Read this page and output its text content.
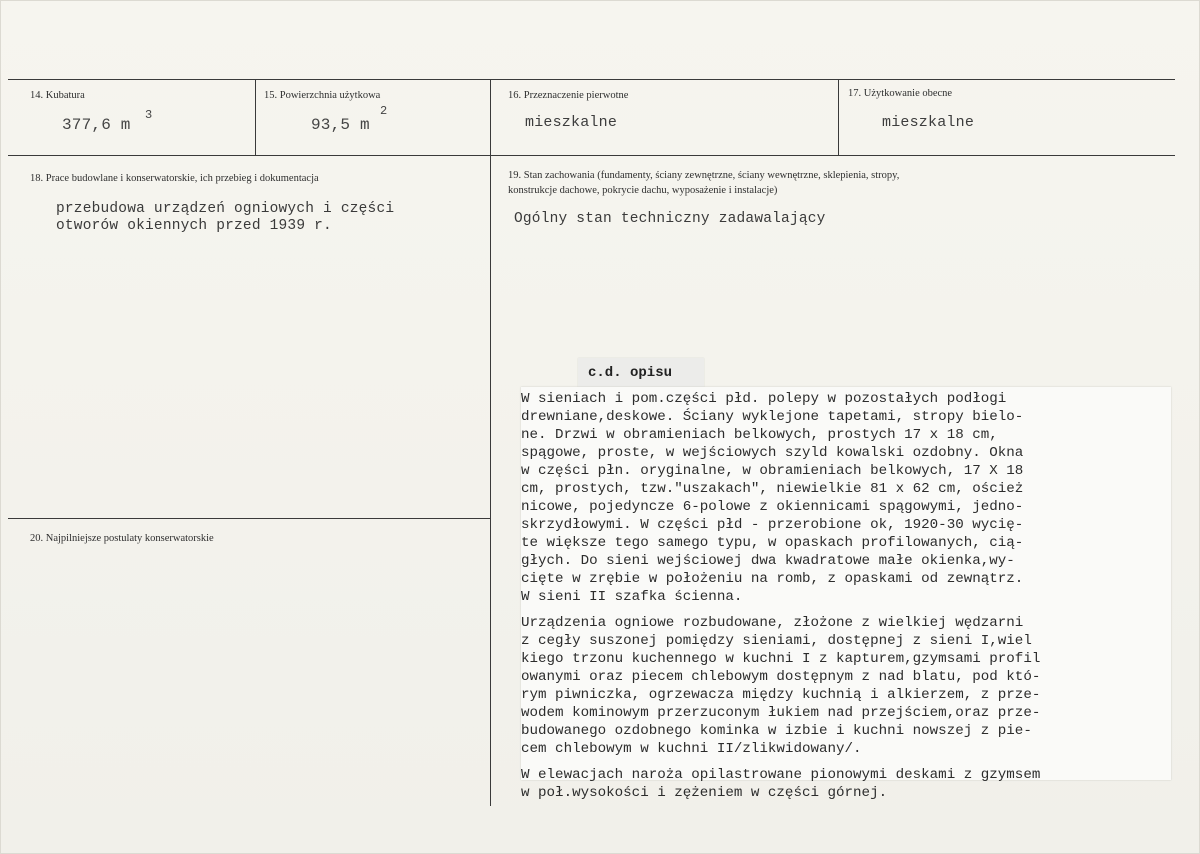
14. Kubatura
377,6 m
3
15. Powierzchnia użytkowa
93,5 m
2
16. Przeznaczenie pierwotne
mieszkalne
17. Użytkowanie obecne
mieszkalne
18. Prace budowlane i konserwatorskie, ich przebieg i dokumentacja
przebudowa urządzeń ogniowych i części
otworów okiennych przed 1939 r.
19. Stan zachowania (fundamenty, ściany zewnętrzne, ściany wewnętrzne, sklepienia, stropy,
konstrukcje dachowe, pokrycie dachu, wyposażenie i instalacje)
Ogólny stan techniczny zadawalający
20. Najpilniejsze postulaty konserwatorskie
c.d. opisu
W sieniach i pom.części płd. polepy w pozostałych podłogi
drewniane,deskowe. Ściany wyklejone tapetami, stropy bielo-
ne. Drzwi w obramieniach belkowych, prostych 17 x 18 cm,
spągowe, proste, w wejściowych szyld kowalski ozdobny. Okna
w części płn. oryginalne, w obramieniach belkowych, 17 X 18
cm, prostych, tzw."uszakach", niewielkie 81 x 62 cm, oścież
nicowe, pojedyncze 6-polowe z okiennicami spągowymi, jedno-
skrzydłowymi. W części płd - przerobione ok, 1920-30 wycię-
te większe tego samego typu, w opaskach profilowanych, cią-
głych. Do sieni wejściowej dwa kwadratowe małe okienka,wy-
cięte w zrębie w położeniu na romb, z opaskami od zewnątrz.
W sieni II szafka ścienna.
Urządzenia ogniowe rozbudowane, złożone z wielkiej wędzarni
z cegły suszonej pomiędzy sieniami, dostępnej z sieni I,wiel
kiego trzonu kuchennego w kuchni I z kapturem,gzymsami profil
owanymi oraz piecem chlebowym dostępnym z nad blatu, pod któ-
rym piwniczka, ogrzewacza między kuchnią i alkierzem, z prze-
wodem kominowym przerzuconym łukiem nad przejściem,oraz prze-
budowanego ozdobnego kominka w izbie i kuchni nowszej z pie-
cem chlebowym w kuchni II/zlikwidowany/.
W elewacjach naroża opilastrowane pionowymi deskami z gzymsem
w poł.wysokości i zężeniem w części górnej.
